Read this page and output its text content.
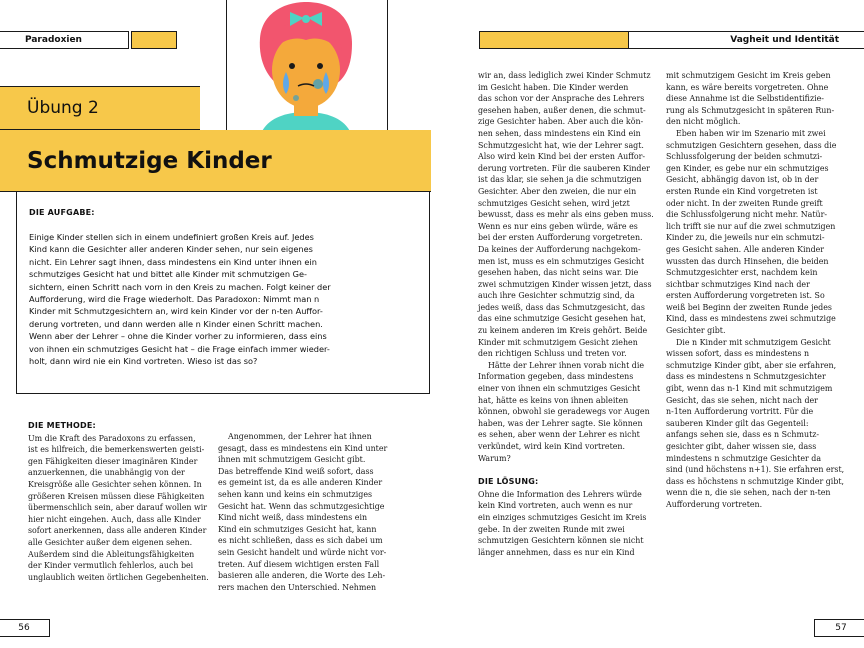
Paradoxien
Übung 2
Schmutzige Kinder
DIE AUFGABE:
Einige Kinder stellen sich in einem undefiniert großen Kreis auf. Jedes
Kind kann die Gesichter aller anderen Kinder sehen, nur sein eigenes
nicht. Ein Lehrer sagt ihnen, dass mindestens ein Kind unter ihnen ein
schmutziges Gesicht hat und bittet alle Kinder mit schmutzigen Ge-
sichtern, einen Schritt nach vorn in den Kreis zu machen. Folgt keiner der
Aufforderung, wird die Frage wiederholt. Das Paradoxon: Nimmt man n
Kinder mit Schmutzgesichtern an, wird kein Kinder vor der n-ten Auffor-
derung vortreten, und dann werden alle n Kinder einen Schritt machen.
Wenn aber der Lehrer – ohne die Kinder vorher zu informieren, dass eins
von ihnen ein schmutziges Gesicht hat – die Frage einfach immer wieder-
holt, dann wird nie ein Kind vortreten. Wieso ist das so?
DIE METHODE:

Um die Kraft des Paradoxons zu erfassen,

ist es hilfreich, die bemerkenswerten geisti-

gen Fähigkeiten dieser imaginären Kinder

anzuerkennen, die unabhängig von der

Kreisgröße alle Gesichter sehen können. In

größeren Kreisen müssen diese Fähigkeiten

übermenschlich sein, aber darauf wollen wir

hier nicht eingehen. Auch, dass alle Kinder

sofort anerkennen, dass alle anderen Kinder

alle Gesichter außer dem eigenen sehen.

Außerdem sind die Ableitungsfähigkeiten

der Kinder vermutlich fehlerlos, auch bei

unglaublich weiten örtlichen Gegebenheiten.

Angenommen, der Lehrer hat ihnen

gesagt, dass es mindestens ein Kind unter

ihnen mit schmutzigem Gesicht gibt.

Das betreffende Kind weiß sofort, dass

es gemeint ist, da es alle anderen Kinder

sehen kann und keins ein schmutziges

Gesicht hat. Wenn das schmutzgesichtige

Kind nicht weiß, dass mindestens ein

Kind ein schmutziges Gesicht hat, kann

es nicht schließen, dass es sich dabei um

sein Gesicht handelt und würde nicht vor-

treten. Auf diesem wichtigen ersten Fall

basieren alle anderen, die Worte des Leh-

rers machen den Unterschied. Nehmen

56
Vagheit und Identität

wir an, dass lediglich zwei Kinder Schmutz

im Gesicht haben. Die Kinder werden

das schon vor der Ansprache des Lehrers

gesehen haben, außer denen, die schmut-

zige Gesichter haben. Aber auch die kön-

nen sehen, dass mindestens ein Kind ein

Schmutzgesicht hat, wie der Lehrer sagt.

Also wird kein Kind bei der ersten Auffor-

derung vortreten. Für die sauberen Kinder

ist das klar, sie sehen ja die schmutzigen

Gesichter. Aber den zweien, die nur ein

schmutziges Gesicht sehen, wird jetzt

bewusst, dass es mehr als eins geben muss.

Wenn es nur eins geben würde, wäre es

bei der ersten Aufforderung vorgetreten.

Da keines der Aufforderung nachgekom-

men ist, muss es ein schmutziges Gesicht

gesehen haben, das nicht seins war. Die

zwei schmutzigen Kinder wissen jetzt, dass

auch ihre Gesichter schmutzig sind, da

jedes weiß, dass das Schmutzgesicht, das

das eine schmutzige Gesicht gesehen hat,

zu keinem anderen im Kreis gehört. Beide

Kinder mit schmutzigem Gesicht ziehen

den richtigen Schluss und treten vor.

Hätte der Lehrer ihnen vorab nicht die

Information gegeben, dass mindestens

einer von ihnen ein schmutziges Gesicht

hat, hätte es keins von ihnen ableiten

können, obwohl sie geradewegs vor Augen

haben, was der Lehrer sagte. Sie können

es sehen, aber wenn der Lehrer es nicht

verkündet, wird kein Kind vortreten.

Warum?

DIE LÖSUNG:

Ohne die Information des Lehrers würde

kein Kind vortreten, auch wenn es nur

ein einziges schmutziges Gesicht im Kreis

gebe. In der zweiten Runde mit zwei

schmutzigen Gesichtern können sie nicht

länger annehmen, dass es nur ein Kind

mit schmutzigem Gesicht im Kreis geben

kann, es wäre bereits vorgetreten. Ohne

diese Annahme ist die Selbstidentifizie-

rung als Schmutzgesicht in späteren Run-

den nicht möglich.

Eben haben wir im Szenario mit zwei

schmutzigen Gesichtern gesehen, dass die

Schlussfolgerung der beiden schmutzi-

gen Kinder, es gebe nur ein schmutziges

Gesicht, abhängig davon ist, ob in der

ersten Runde ein Kind vorgetreten ist

oder nicht. In der zweiten Runde greift

die Schlussfolgerung nicht mehr. Natür-

lich trifft sie nur auf die zwei schmutzigen

Kinder zu, die jeweils nur ein schmutzi-

ges Gesicht sahen. Alle anderen Kinder

wussten das durch Hinsehen, die beiden

Schmutzgesichter erst, nachdem kein

sichtbar schmutziges Kind nach der

ersten Aufforderung vorgetreten ist. So

weiß bei Beginn der zweiten Runde jedes

Kind, dass es mindestens zwei schmutzige

Gesichter gibt.

Die n Kinder mit schmutzigem Gesicht

wissen sofort, dass es mindestens n

schmutzige Kinder gibt, aber sie erfahren,

dass es mindestens n Schmutzgesichter

gibt, wenn das n-1 Kind mit schmutzigem

Gesicht, das sie sehen, nicht nach der

n-1ten Aufforderung vortritt. Für die

sauberen Kinder gilt das Gegenteil:

anfangs sehen sie, dass es n Schmutz-

gesichter gibt, daher wissen sie, dass

mindestens n schmutzige Gesichter da

sind (und höchstens n+1). Sie erfahren erst,

dass es höchstens n schmutzige Kinder gibt,

wenn die n, die sie sehen, nach der n-ten

Aufforderung vortreten.

57
